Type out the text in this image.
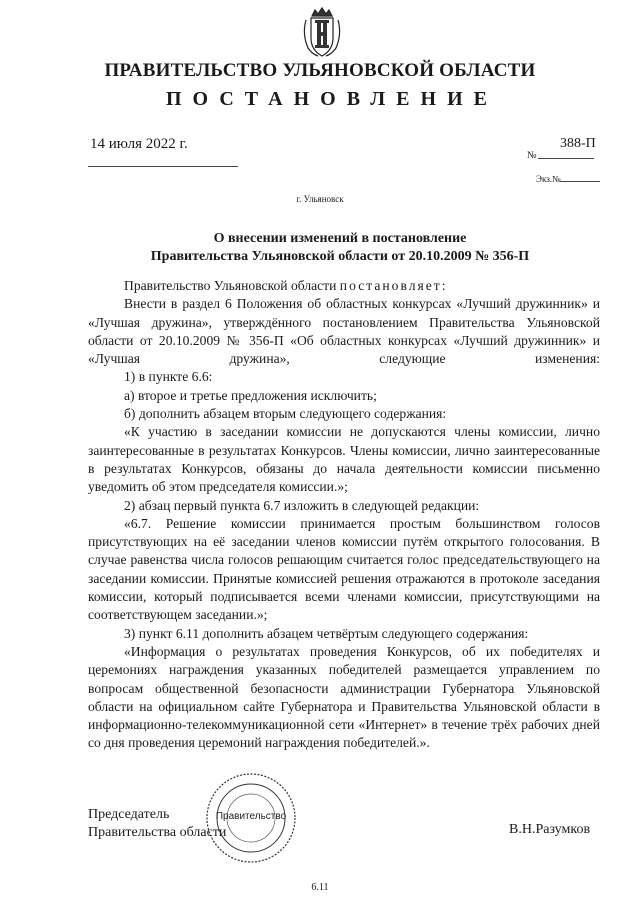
ПРАВИТЕЛЬСТВО УЛЬЯНОВСКОЙ ОБЛАСТИ
ПОСТАНОВЛЕНИЕ
14 июля 2022 г.
№
388-П
Экз.№
г. Ульяновск
О внесении изменений в постановление
Правительства Ульяновской области от 20.10.2009 № 356-П

Правительство Ульяновской области постановляет:

Внести в раздел 6 Положения об областных конкурсах «Лучший дружинник» и «Лучшая дружина», утверждённого постановлением Правительства Ульяновской области от 20.10.2009 № 356-П «Об областных конкурсах «Лучший дружинник» и «Лучшая дружина», следующие изменения:

1) в пункте 6.6:

а) второе и третье предложения исключить;

б) дополнить абзацем вторым следующего содержания:

«К участию в заседании комиссии не допускаются члены комиссии, лично заинтересованные в результатах Конкурсов. Члены комиссии, лично заинтересованные в результатах Конкурсов, обязаны до начала деятельности комиссии письменно уведомить об этом председателя комиссии.»;

2) абзац первый пункта 6.7 изложить в следующей редакции:

«6.7. Решение комиссии принимается простым большинством голосов присутствующих на её заседании членов комиссии путём открытого голосования. В случае равенства числа голосов решающим считается голос председательствующего на заседании комиссии. Принятые комиссией решения отражаются в протоколе заседания комиссии, который подписывается всеми членами комиссии, присутствующими на соответствующем заседании.»;

3) пункт 6.11 дополнить абзацем четвёртым следующего содержания:

«Информация о результатах проведения Конкурсов, об их победителях и церемониях награждения указанных победителей размещается управлением по вопросам общественной безопасности администрации Губернатора Ульяновской области на официальном сайте Губернатора и Правительства Ульяновской области в информационно-телекоммуникационной сети «Интернет» в течение трёх рабочих дней со дня проведения церемоний награждения победителей.».

Председатель
Правительства области
Правительство
В.Н.Разумков
6.11
